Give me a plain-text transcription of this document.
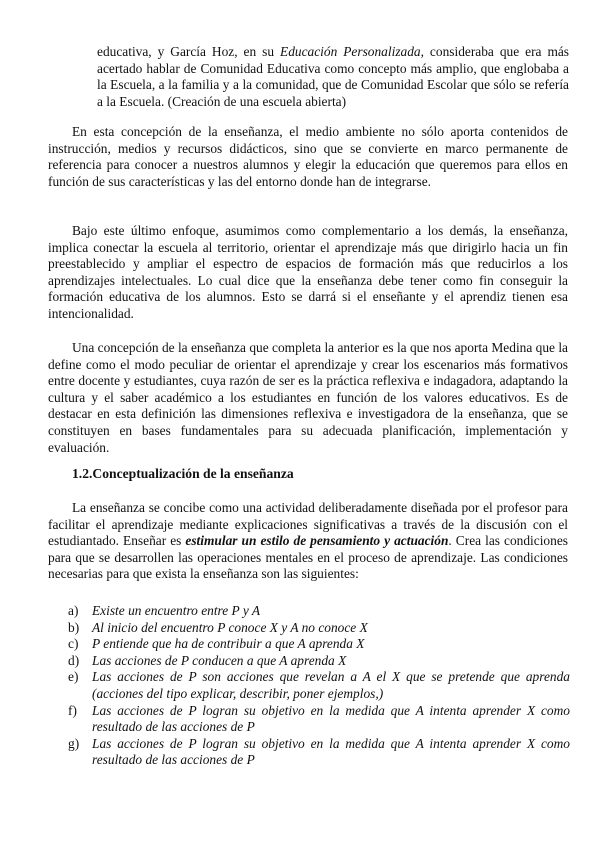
educativa, y García Hoz, en su Educación Personalizada, consideraba que era más acertado hablar de Comunidad Educativa como concepto más amplio, que englobaba a la Escuela, a la familia y a la comunidad, que de Comunidad Escolar que sólo se refería a la Escuela. (Creación de una escuela abierta)
En esta concepción de la enseñanza, el medio ambiente no sólo aporta contenidos de instrucción, medios y recursos didácticos, sino que se convierte en marco permanente de referencia para conocer a nuestros alumnos y elegir la educación que queremos para ellos en función de sus características y las del entorno donde han de integrarse.
Bajo este último enfoque, asumimos como complementario a los demás, la enseñanza, implica conectar la escuela al territorio, orientar el aprendizaje más que dirigirlo hacia un fin preestablecido y ampliar el espectro de espacios de formación más que reducirlos a los aprendizajes intelectuales. Lo cual dice que la enseñanza debe tener como fin conseguir la formación educativa de los alumnos. Esto se darrá si el enseñante y el aprendiz tienen esa intencionalidad.
Una concepción de la enseñanza que completa la anterior es la que nos aporta Medina que la define como el modo peculiar de orientar el aprendizaje y crear los escenarios más formativos entre docente y estudiantes, cuya razón de ser es la práctica reflexiva e indagadora, adaptando la cultura y el saber académico a los estudiantes en función de los valores educativos. Es de destacar en esta definición las dimensiones reflexiva e investigadora de la enseñanza, que se constituyen en bases fundamentales para su adecuada planificación, implementación y evaluación.
1.2.Conceptualización de la enseñanza
La enseñanza se concibe como una actividad deliberadamente diseñada por el profesor para facilitar el aprendizaje mediante explicaciones significativas a través de la discusión con el estudiantado. Enseñar es estimular un estilo de pensamiento y actuación. Crea las condiciones para que se desarrollen las operaciones mentales en el proceso de aprendizaje. Las condiciones necesarias para que exista la enseñanza son las siguientes:
a)	Existe un encuentro entre P y A
b) Al inicio del encuentro P conoce X y A no conoce X
c)	P entiende que ha de contribuir a que A aprenda X
d) Las acciones de P conducen a que A aprenda X
e)	Las acciones de P son acciones que revelan a A el X que se pretende que aprenda (acciones del tipo explicar, describir, poner ejemplos,)
f)	Las acciones de P logran su objetivo en la medida que A intenta aprender X como resultado de las acciones de P
g) Las acciones de P logran su objetivo en la medida que A intenta aprender X como resultado de las acciones de P
